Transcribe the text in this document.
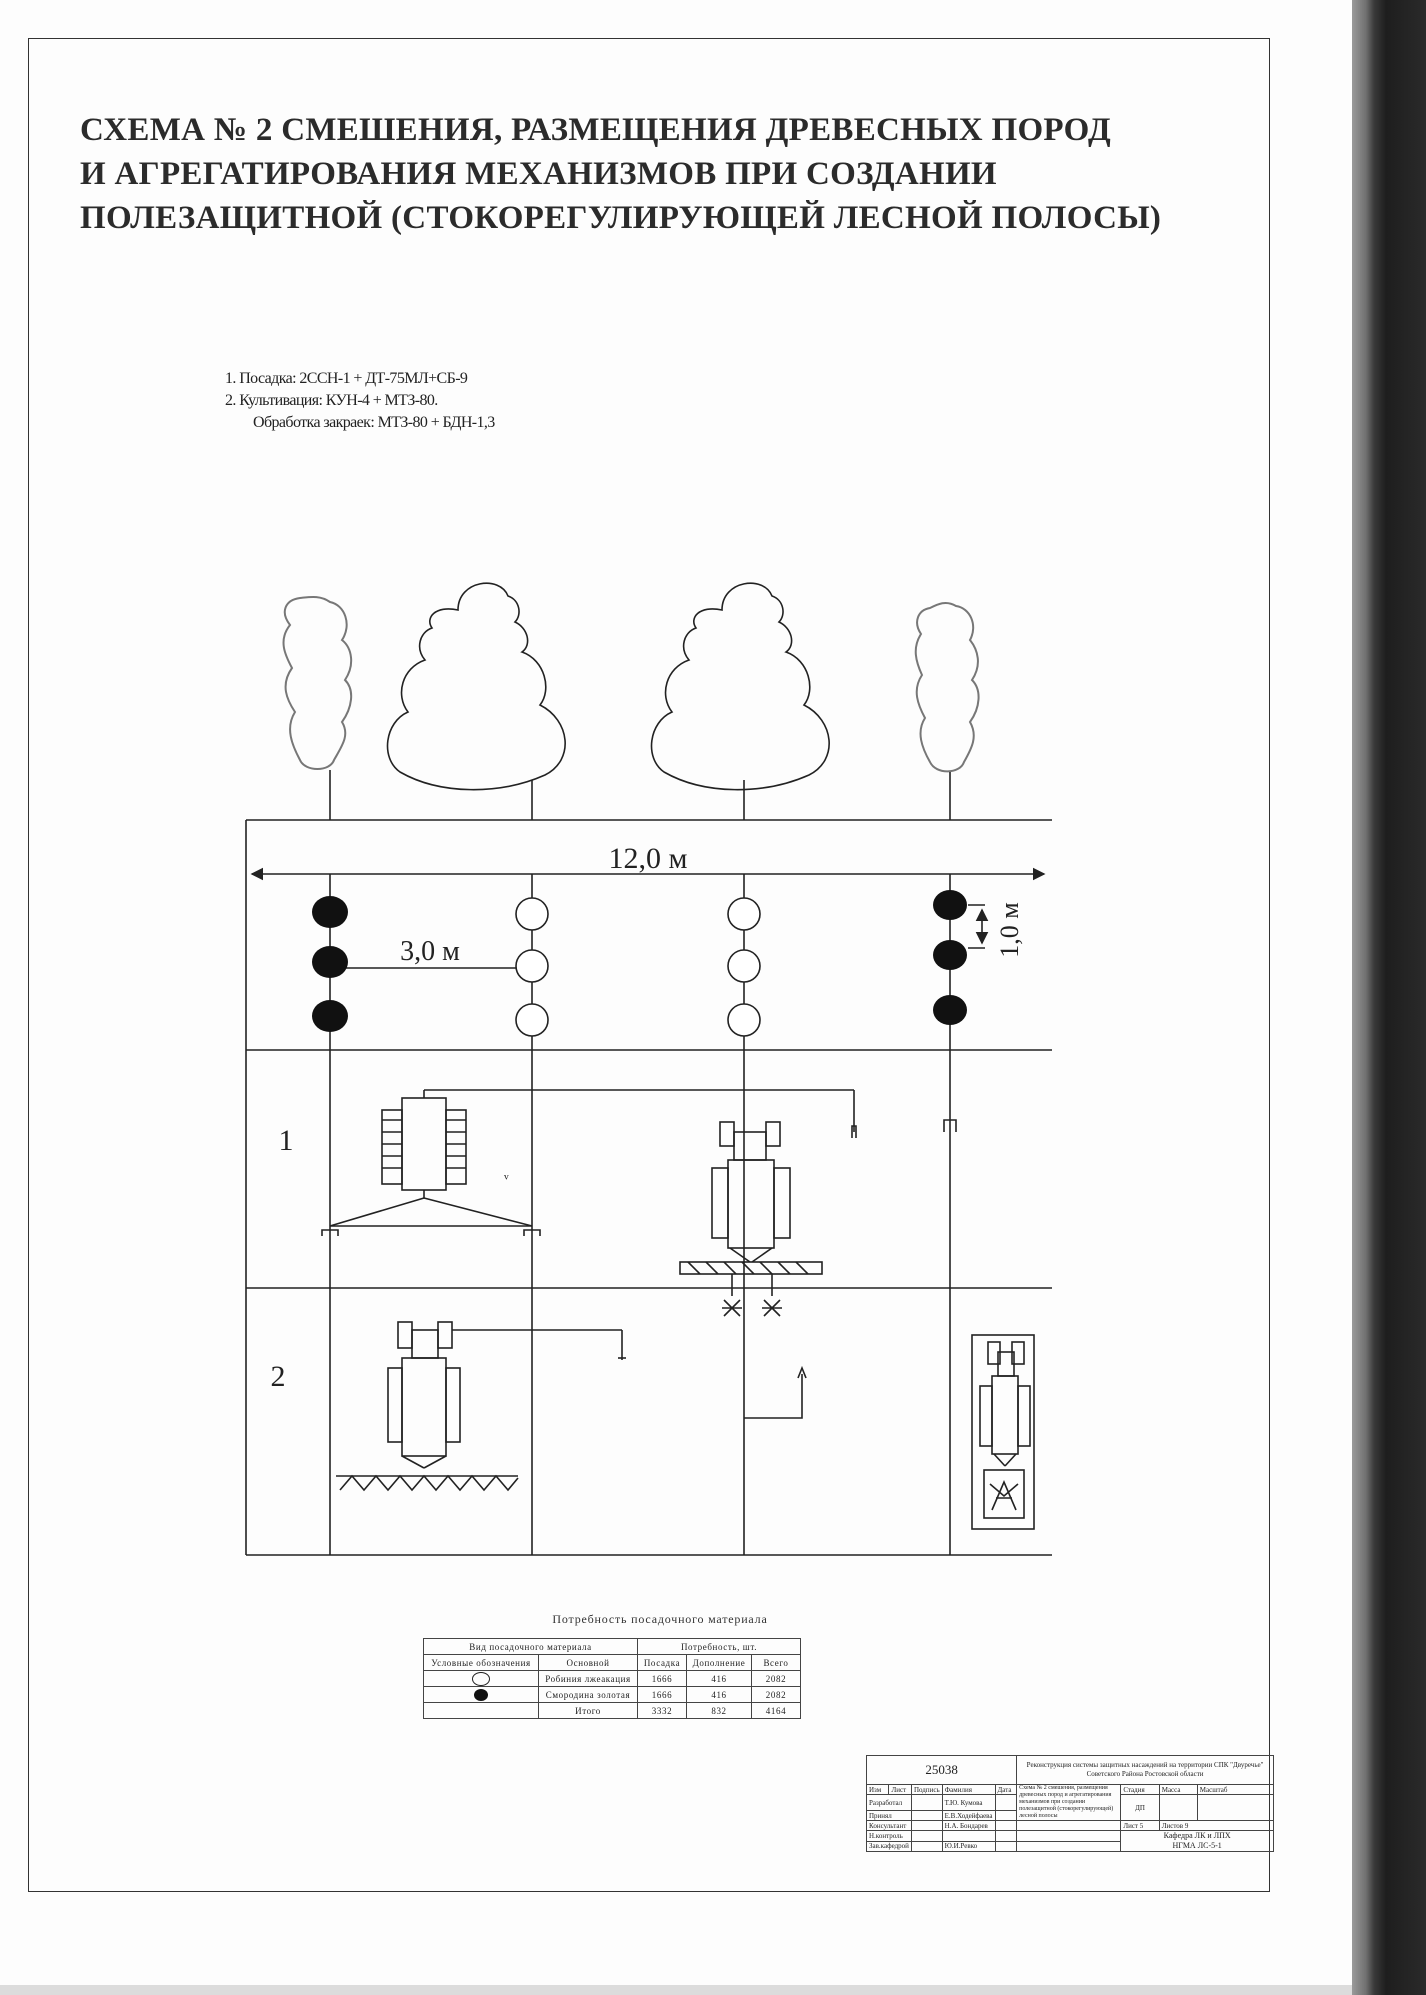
СХЕМА № 2 СМЕШЕНИЯ, РАЗМЕЩЕНИЯ ДРЕВЕСНЫХ ПОРОД
И АГРЕГАТИРОВАНИЯ МЕХАНИЗМОВ ПРИ СОЗДАНИИ
ПОЛЕЗАЩИТНОЙ (СТОКОРЕГУЛИРУЮЩЕЙ ЛЕСНОЙ ПОЛОСЫ)
1. Посадка: 2ССН-1 + ДТ-75МЛ+СБ-9
2. Культивация: КУН-4 + МТЗ-80.
Обработка закраек: МТЗ-80 + БДН-1,3
12,0 м
3,0 м	1,0 м
1
2
ᵥ
Потребность посадочного материала
Вид посадочного материала		Потребность, шт.		
Условные обозначения	Основной	Посадка	Дополнение	Всего
	Робиния лжеакация	1666	416	2082
	Смородина золотая	1666	416	2082
	Итого	3332	832	4164
25038					Реконструкция системы защитных насаждений на территории СПК "Двуречье" Советского Района Ростовской области			
Изм	Лист	Подпись	Фамилия	Дата	Схема № 2 смешения, размещения древесных пород и агрегатирования механизмов при создании полезащитной (стокорегулирующей) лесной полосы	Стадия	Масса	Масштаб
Разработал			Т.Ю. Кумова			ДП		
Принял			Е.В.Ходейфаева					
Консультант			Н.А. Бондарев			Лист 5	Листов 9	
Н.контроль						Кафедра ЛК и ЛПХ
НГМА ЛС-5-1		

Зав.кафедрой			Ю.И.Ревко					
